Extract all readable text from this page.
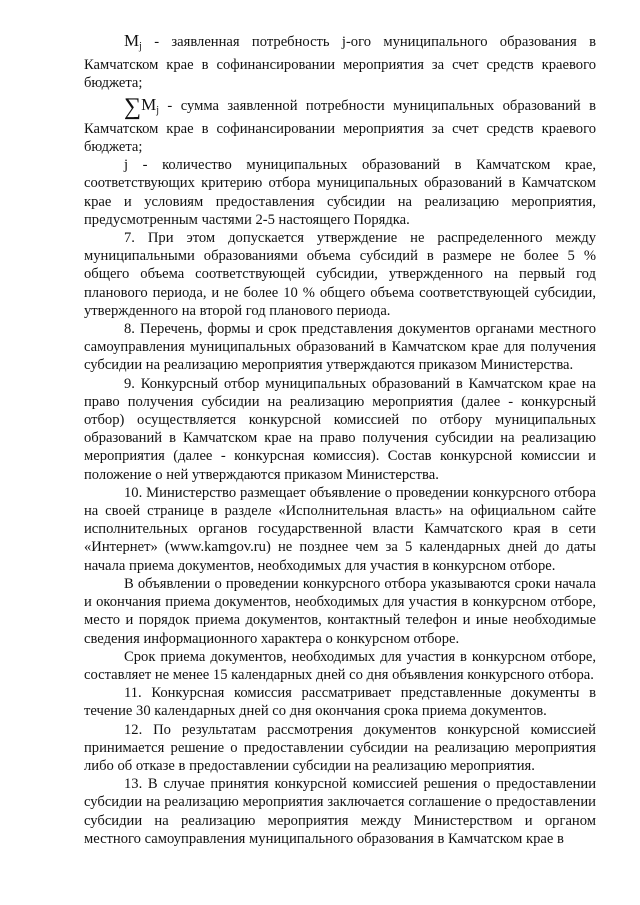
$M_j$ - заявленная потребность j-ого муниципального образования в Камчатском крае в софинансировании мероприятия за счет средств краевого бюджета;

$\sum M_j$ - сумма заявленной потребности муниципальных образований в Камчатском крае в софинансировании мероприятия за счет средств краевого бюджета;

j - количество муниципальных образований в Камчатском крае, соответствующих критерию отбора муниципальных образований в Камчатском крае и условиям предоставления субсидии на реализацию мероприятия, предусмотренным частями 2-5 настоящего Порядка.

7. При этом допускается утверждение не распределенного между муниципальными образованиями объема субсидий в размере не более 5 % общего объема соответствующей субсидии, утвержденного на первый год планового периода, и не более 10 % общего объема соответствующей субсидии, утвержденного на второй год планового периода.

8. Перечень, формы и срок представления документов органами местного самоуправления муниципальных образований в Камчатском крае для получения субсидии на реализацию мероприятия утверждаются приказом Министерства.

9. Конкурсный отбор муниципальных образований в Камчатском крае на право получения субсидии на реализацию мероприятия (далее - конкурсный отбор) осуществляется конкурсной комиссией по отбору муниципальных образований в Камчатском крае на право получения субсидии на реализацию мероприятия (далее - конкурсная комиссия). Состав конкурсной комиссии и положение о ней утверждаются приказом Министерства.

10. Министерство размещает объявление о проведении конкурсного отбора на своей странице в разделе «Исполнительная власть» на официальном сайте исполнительных органов государственной власти Камчатского края в сети «Интернет» (www.kamgov.ru) не позднее чем за 5 календарных дней до даты начала приема документов, необходимых для участия в конкурсном отборе.

В объявлении о проведении конкурсного отбора указываются сроки начала и окончания приема документов, необходимых для участия в конкурсном отборе, место и порядок приема документов, контактный телефон и иные необходимые сведения информационного характера о конкурсном отборе.

Срок приема документов, необходимых для участия в конкурсном отборе, составляет не менее 15 календарных дней со дня объявления конкурсного отбора.

11. Конкурсная комиссия рассматривает представленные документы в течение 30 календарных дней со дня окончания срока приема документов.

12. По результатам рассмотрения документов конкурсной комиссией принимается решение о предоставлении субсидии на реализацию мероприятия либо об отказе в предоставлении субсидии на реализацию мероприятия.

13. В случае принятия конкурсной комиссией решения о предоставлении субсидии на реализацию мероприятия заключается соглашение о предоставлении субсидии на реализацию мероприятия между Министерством и органом местного самоуправления муниципального образования в Камчатском крае в
